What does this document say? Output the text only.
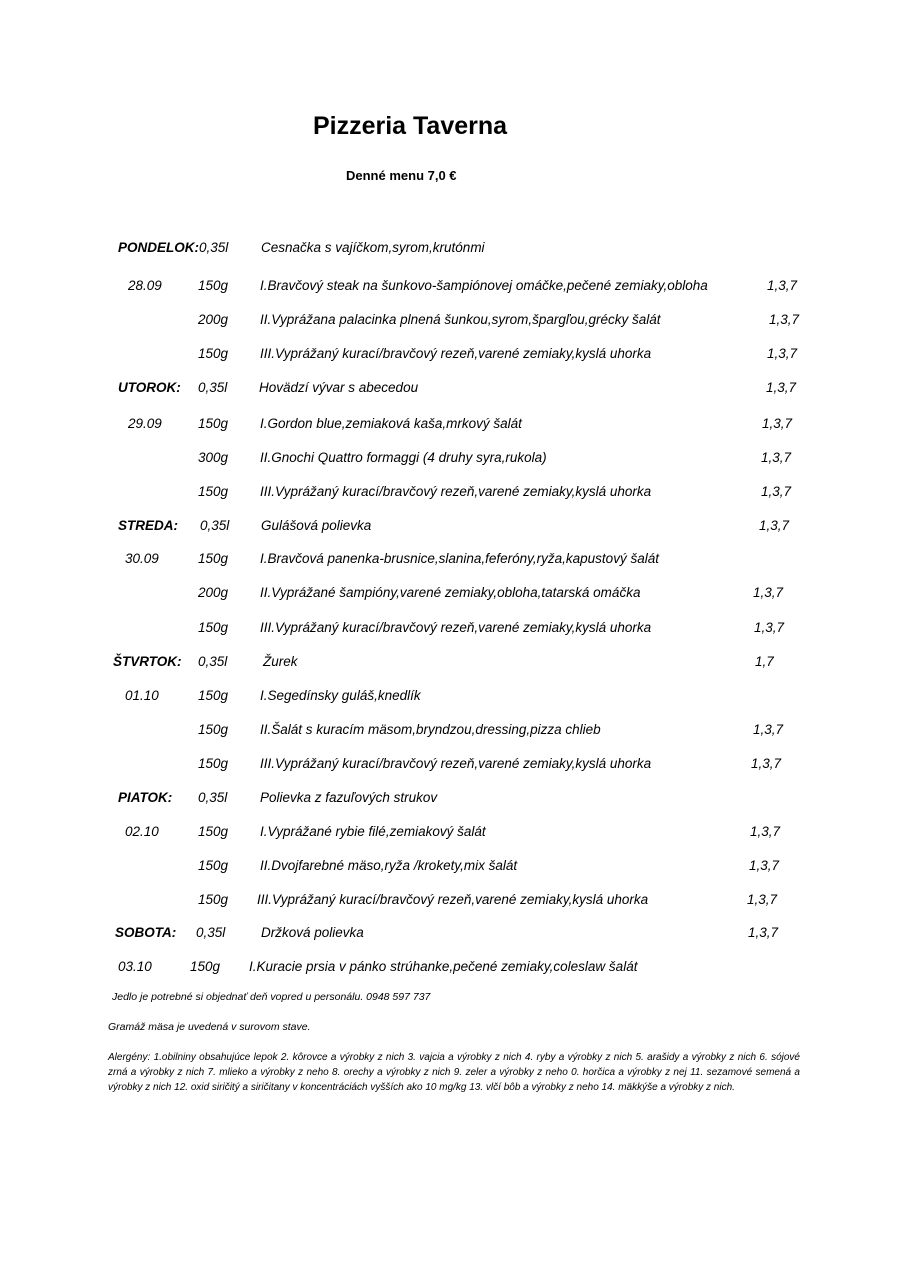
Pizzeria Taverna
Denné menu 7,0 €
PONDELOK: 0,35l Cesnačka s vajíčkom,syrom,krutónmi
28.09	150g I.Bravčový steak na šunkovo-šampiónovej omáčke,pečené zemiaky,obloha	1,3,7
200g II.Vyprážana palacinka plnená šunkou,syrom,špargľou,grécky šalát	1,3,7
150g III.Vyprážaný kurací/bravčový rezeň,varené zemiaky,kyslá uhorka	1,3,7
UTOROK: 0,35l Hovädzí vývar s abecedou	1,3,7
29.09	150g I.Gordon blue,zemiaková kaša,mrkový šalát	1,3,7
300g II.Gnochi Quattro formaggi (4 druhy syra,rukola)	1,3,7
150g III.Vyprážaný kurací/bravčový rezeň,varené zemiaky,kyslá uhorka	1,3,7
STREDA: 0,35l Gulášová polievka	1,3,7
30.09	150g I.Bravčová panenka-brusnice,slanina,feferóny,ryža,kapustový šalát
200g II.Vyprážané šampióny,varené zemiaky,obloha,tatarská omáčka	1,3,7
150g III.Vyprážaný kurací/bravčový rezeň,varené zemiaky,kyslá uhorka	1,3,7
ŠTVRTOK: 0,35l	Žurek	1,7
01.10	150g I.Segedínsky guláš,knedlík
150g II.Šalát s kuracím mäsom,bryndzou,dressing,pizza chlieb	1,3,7
150g III.Vyprážaný kurací/bravčový rezeň,varené zemiaky,kyslá uhorka	1,3,7
PIATOK: 0,35l Polievka z fazuľových strukov
02.10	150g I.Vyprážané rybie filé,zemiakový šalát	1,3,7
150g II.Dvojfarebné mäso,ryža /krokety,mix šalát	1,3,7
150g III.Vyprážaný kurací/bravčový rezeň,varené zemiaky,kyslá uhorka	1,3,7
SOBOTA: 0,35l	Držková polievka	1,3,7
03.10	150g I.Kuracie prsia v pánko strúhanke,pečené zemiaky,coleslaw šalát
Jedlo je potrebné si objednať deň vopred u personálu. 0948 597 737
Gramáž mäsa je uvedená v surovom stave.
Alergény: 1.obilniny obsahujúce lepok 2. kôrovce a výrobky z nich 3. vajcia a výrobky z nich 4. ryby a výrobky z nich 5. arašidy a výrobky z nich 6. sójové zrná a výrobky z nich 7. mlieko a výrobky z neho 8. orechy a výrobky z nich 9. zeler a výrobky z neho 0. horčica a výrobky z nej 11. sezamové semená a výrobky z nich 12. oxid siričitý a siričitany v koncentráciách vyšších ako 10 mg/kg 13. vlčí bôb a výrobky z neho 14. mäkkýše a výrobky z nich.
